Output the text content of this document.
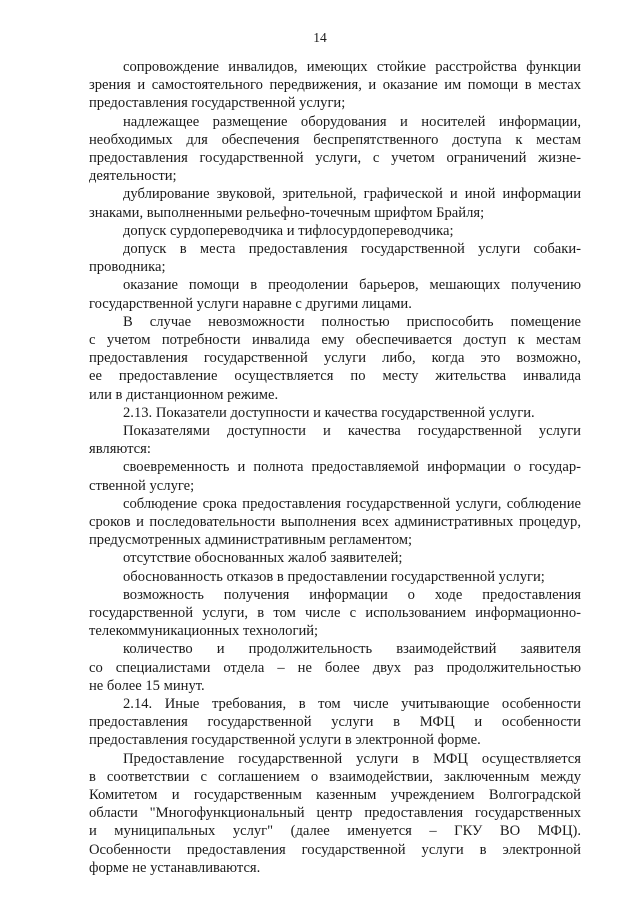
14
сопровождение инвалидов, имеющих стойкие расстройства функции
зрения и самостоятельного передвижения, и оказание им помощи в местах
предоставления государственной услуги;
надлежащее размещение оборудования и носителей информации,
необходимых для обеспечения беспрепятственного доступа к местам
предоставления государственной услуги, с учетом ограничений жизне-
деятельности;
дублирование звуковой, зрительной, графической и иной информации
знаками, выполненными рельефно-точечным шрифтом Брайля;
допуск сурдопереводчика и тифлосурдопереводчика;
допуск в места предоставления государственной услуги собаки-
проводника;
оказание помощи в преодолении барьеров, мешающих получению
государственной услуги наравне с другими лицами.
В случае невозможности полностью приспособить помещение
с учетом потребности инвалида ему обеспечивается доступ к местам
предоставления государственной услуги либо, когда это возможно,
ее предоставление осуществляется по месту жительства инвалида
или в дистанционном режиме.
2.13. Показатели доступности и качества государственной услуги.
Показателями доступности и качества государственной услуги
являются:
своевременность и полнота предоставляемой информации о государ-
ственной услуге;
соблюдение срока предоставления государственной услуги, соблюдение
сроков и последовательности выполнения всех административных процедур,
предусмотренных административным регламентом;
отсутствие обоснованных жалоб заявителей;
обоснованность отказов в предоставлении государственной услуги;
возможность получения информации о ходе предоставления
государственной услуги, в том числе с использованием информационно-
телекоммуникационных технологий;
количество и продолжительность взаимодействий заявителя
со специалистами отдела – не более двух раз продолжительностью
не более 15 минут.
2.14. Иные требования, в том числе учитывающие особенности
предоставления государственной услуги в МФЦ и особенности
предоставления государственной услуги в электронной форме.
Предоставление государственной услуги в МФЦ осуществляется
в соответствии с соглашением о взаимодействии, заключенным между
Комитетом и государственным казенным учреждением Волгоградской
области "Многофункциональный центр предоставления государственных
и муниципальных услуг" (далее именуется – ГКУ ВО МФЦ).
Особенности предоставления государственной услуги в электронной
форме не устанавливаются.
